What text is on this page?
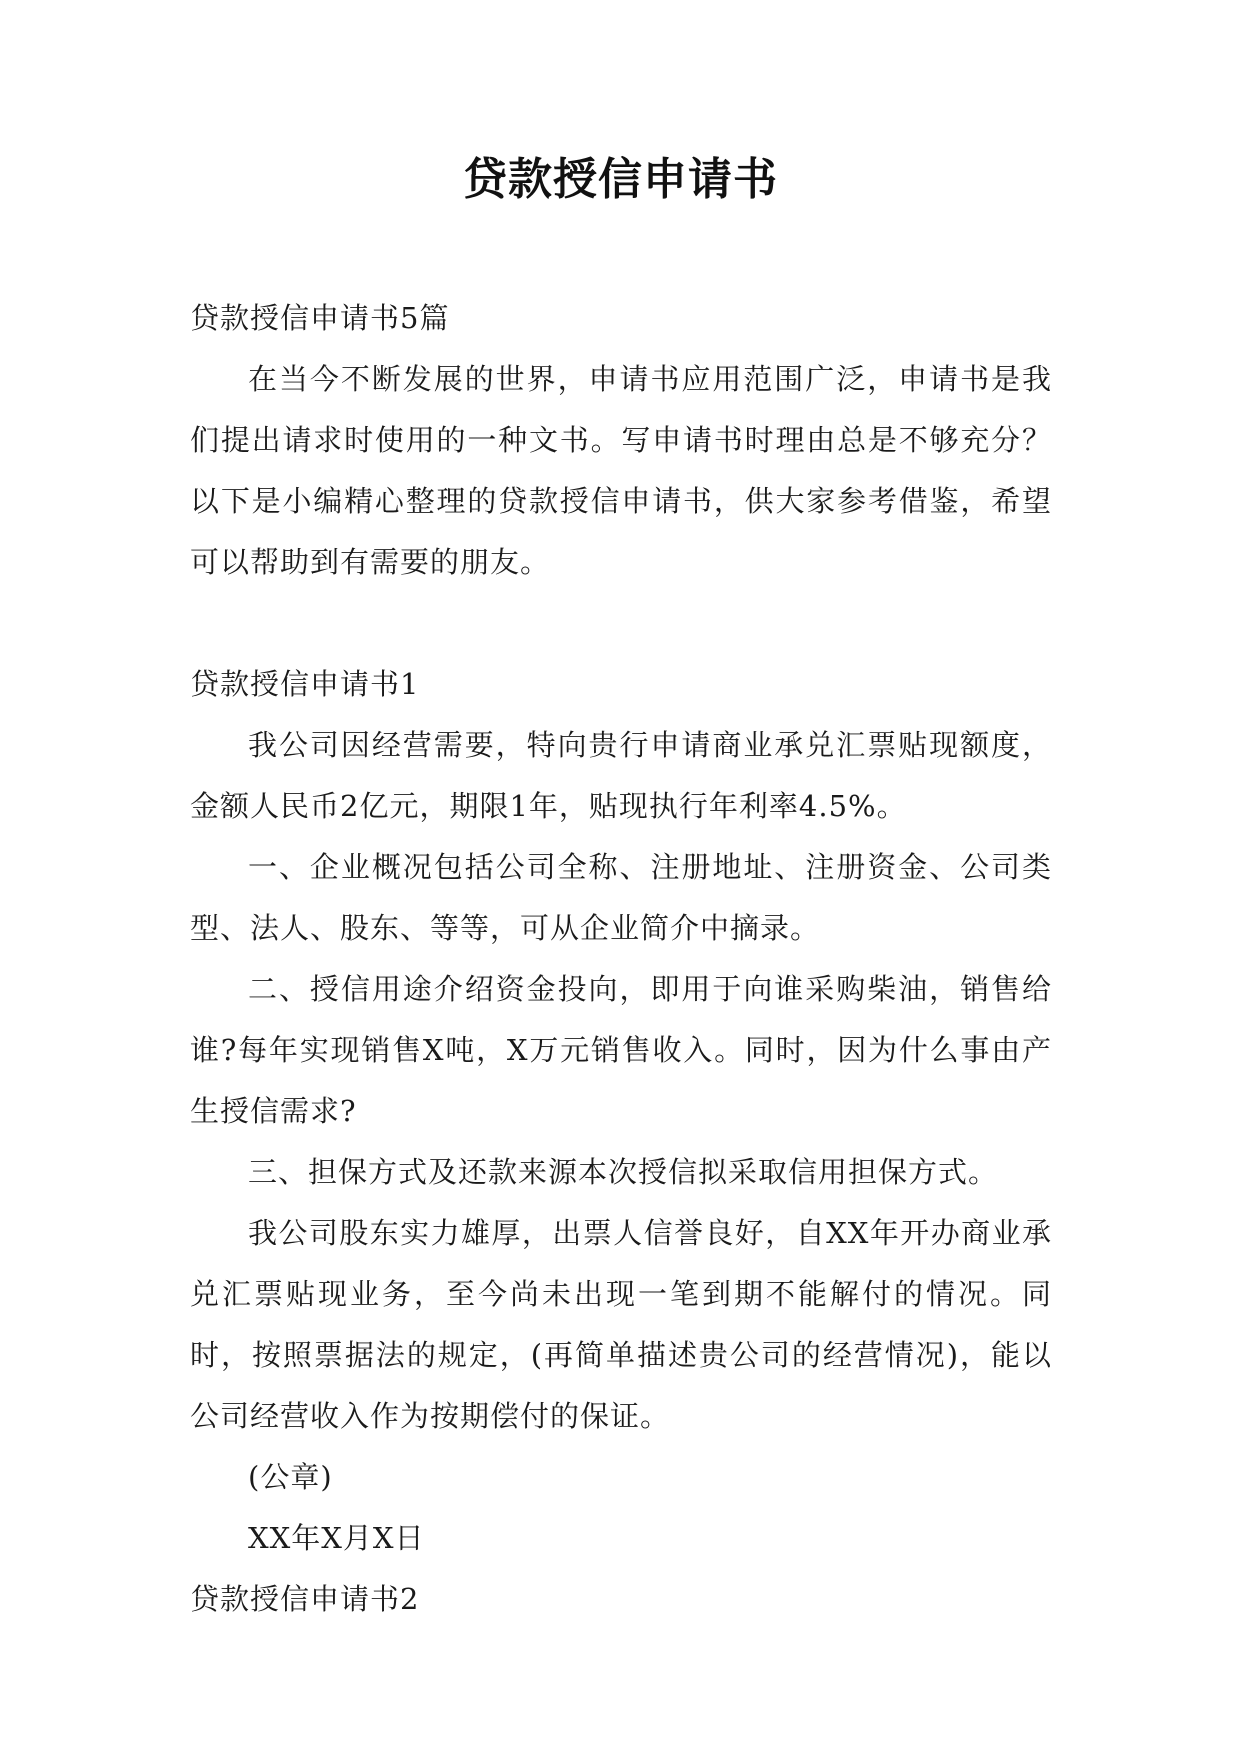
贷款授信申请书

贷款授信申请书5篇

在当今不断发展的世界，申请书应用范围广泛，申请书是我们提出请求时使用的一种文书。写申请书时理由总是不够充分？以下是小编精心整理的贷款授信申请书，供大家参考借鉴，希望可以帮助到有需要的朋友。

贷款授信申请书1

我公司因经营需要，特向贵行申请商业承兑汇票贴现额度，金额人民币2亿元，期限1年，贴现执行年利率4.5%。

一、企业概况包括公司全称、注册地址、注册资金、公司类型、法人、股东、等等，可从企业简介中摘录。

二、授信用途介绍资金投向，即用于向谁采购柴油，销售给谁?每年实现销售X吨，X万元销售收入。同时，因为什么事由产生授信需求?

三、担保方式及还款来源本次授信拟采取信用担保方式。

我公司股东实力雄厚，出票人信誉良好，自XX年开办商业承兑汇票贴现业务，至今尚未出现一笔到期不能解付的情况。同时，按照票据法的规定，(再简单描述贵公司的经营情况)，能以公司经营收入作为按期偿付的保证。

(公章)

XX年X月X日

贷款授信申请书2
